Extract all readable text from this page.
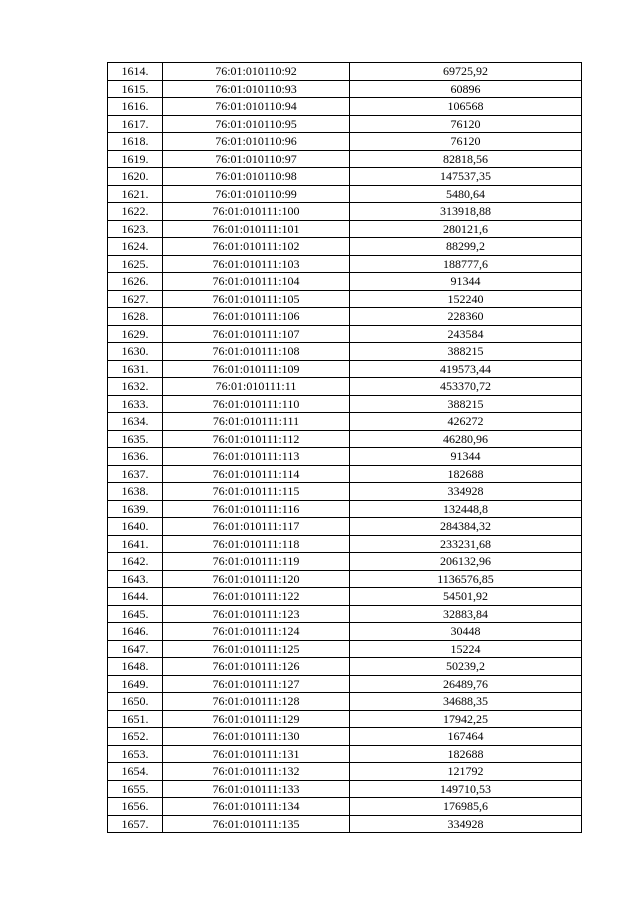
1614.	76:01:010110:92	69725,92
1615.	76:01:010110:93	60896
1616.	76:01:010110:94	106568
1617.	76:01:010110:95	76120
1618.	76:01:010110:96	76120
1619.	76:01:010110:97	82818,56
1620.	76:01:010110:98	147537,35
1621.	76:01:010110:99	5480,64
1622.	76:01:010111:100	313918,88
1623.	76:01:010111:101	280121,6
1624.	76:01:010111:102	88299,2
1625.	76:01:010111:103	188777,6
1626.	76:01:010111:104	91344
1627.	76:01:010111:105	152240
1628.	76:01:010111:106	228360
1629.	76:01:010111:107	243584
1630.	76:01:010111:108	388215
1631.	76:01:010111:109	419573,44
1632.	76:01:010111:11	453370,72
1633.	76:01:010111:110	388215
1634.	76:01:010111:111	426272
1635.	76:01:010111:112	46280,96
1636.	76:01:010111:113	91344
1637.	76:01:010111:114	182688
1638.	76:01:010111:115	334928
1639.	76:01:010111:116	132448,8
1640.	76:01:010111:117	284384,32
1641.	76:01:010111:118	233231,68
1642.	76:01:010111:119	206132,96
1643.	76:01:010111:120	1136576,85
1644.	76:01:010111:122	54501,92
1645.	76:01:010111:123	32883,84
1646.	76:01:010111:124	30448
1647.	76:01:010111:125	15224
1648.	76:01:010111:126	50239,2
1649.	76:01:010111:127	26489,76
1650.	76:01:010111:128	34688,35
1651.	76:01:010111:129	17942,25
1652.	76:01:010111:130	167464
1653.	76:01:010111:131	182688
1654.	76:01:010111:132	121792
1655.	76:01:010111:133	149710,53
1656.	76:01:010111:134	176985,6
1657.	76:01:010111:135	334928
